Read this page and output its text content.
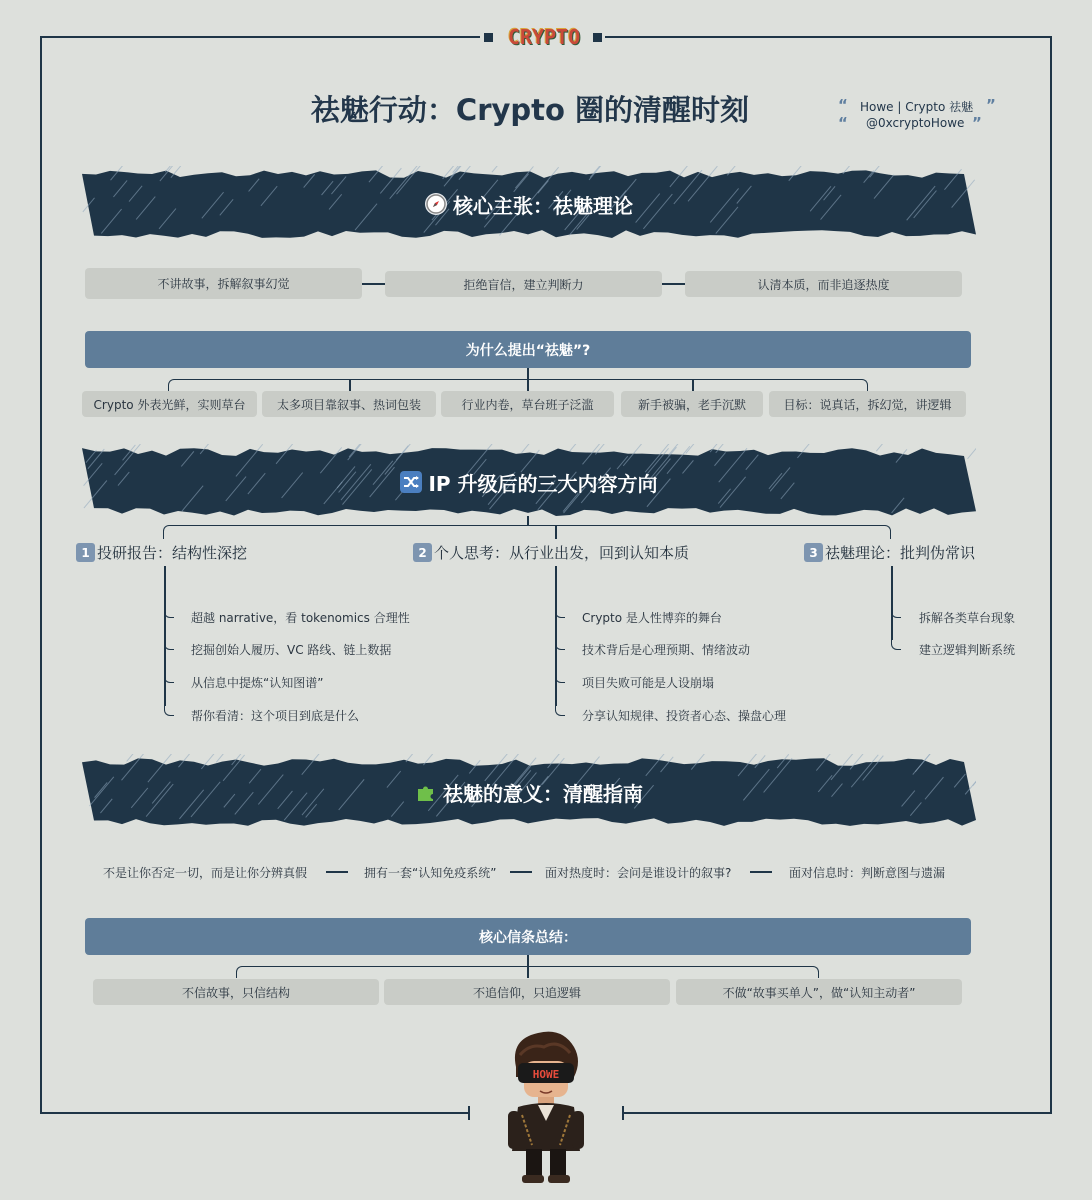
CRYPTO
祛魅行动：Crypto 圈的清醒时刻	“ Howe | Crypto 祛魅 ”
“ @0xcryptoHowe ”
核心主张：祛魅理论
不讲故事，拆解叙事幻觉	拒绝盲信，建立判断力	认清本质，而非追逐热度
为什么提出“祛魅”?
Crypto 外表光鲜，实则草台	太多项目靠叙事、热词包装	行业内卷，草台班子泛滥	新手被骗，老手沉默	目标：说真话，拆幻觉，讲逻辑
IP 升级后的三大内容方向
1 投研报告：结构性深挖
超越 narrative，看 tokenomics 合理性
挖掘创始人履历、VC 路线、链上数据
从信息中提炼“认知图谱”
帮你看清：这个项目到底是什么
2 个人思考：从行业出发，回到认知本质
Crypto 是人性博弈的舞台
技术背后是心理预期、情绪波动
项目失败可能是人设崩塌
分享认知规律、投资者心态、操盘心理
3 祛魅理论：批判伪常识
拆解各类草台现象
建立逻辑判断系统
祛魅的意义：清醒指南
不是让你否定一切，而是让你分辨真假	拥有一套“认知免疫系统”	面对热度时：会问是谁设计的叙事?	面对信息时：判断意图与遗漏
核心信条总结：
不信故事，只信结构	不追信仰，只追逻辑	不做“故事买单人”，做“认知主动者”
HOWE
